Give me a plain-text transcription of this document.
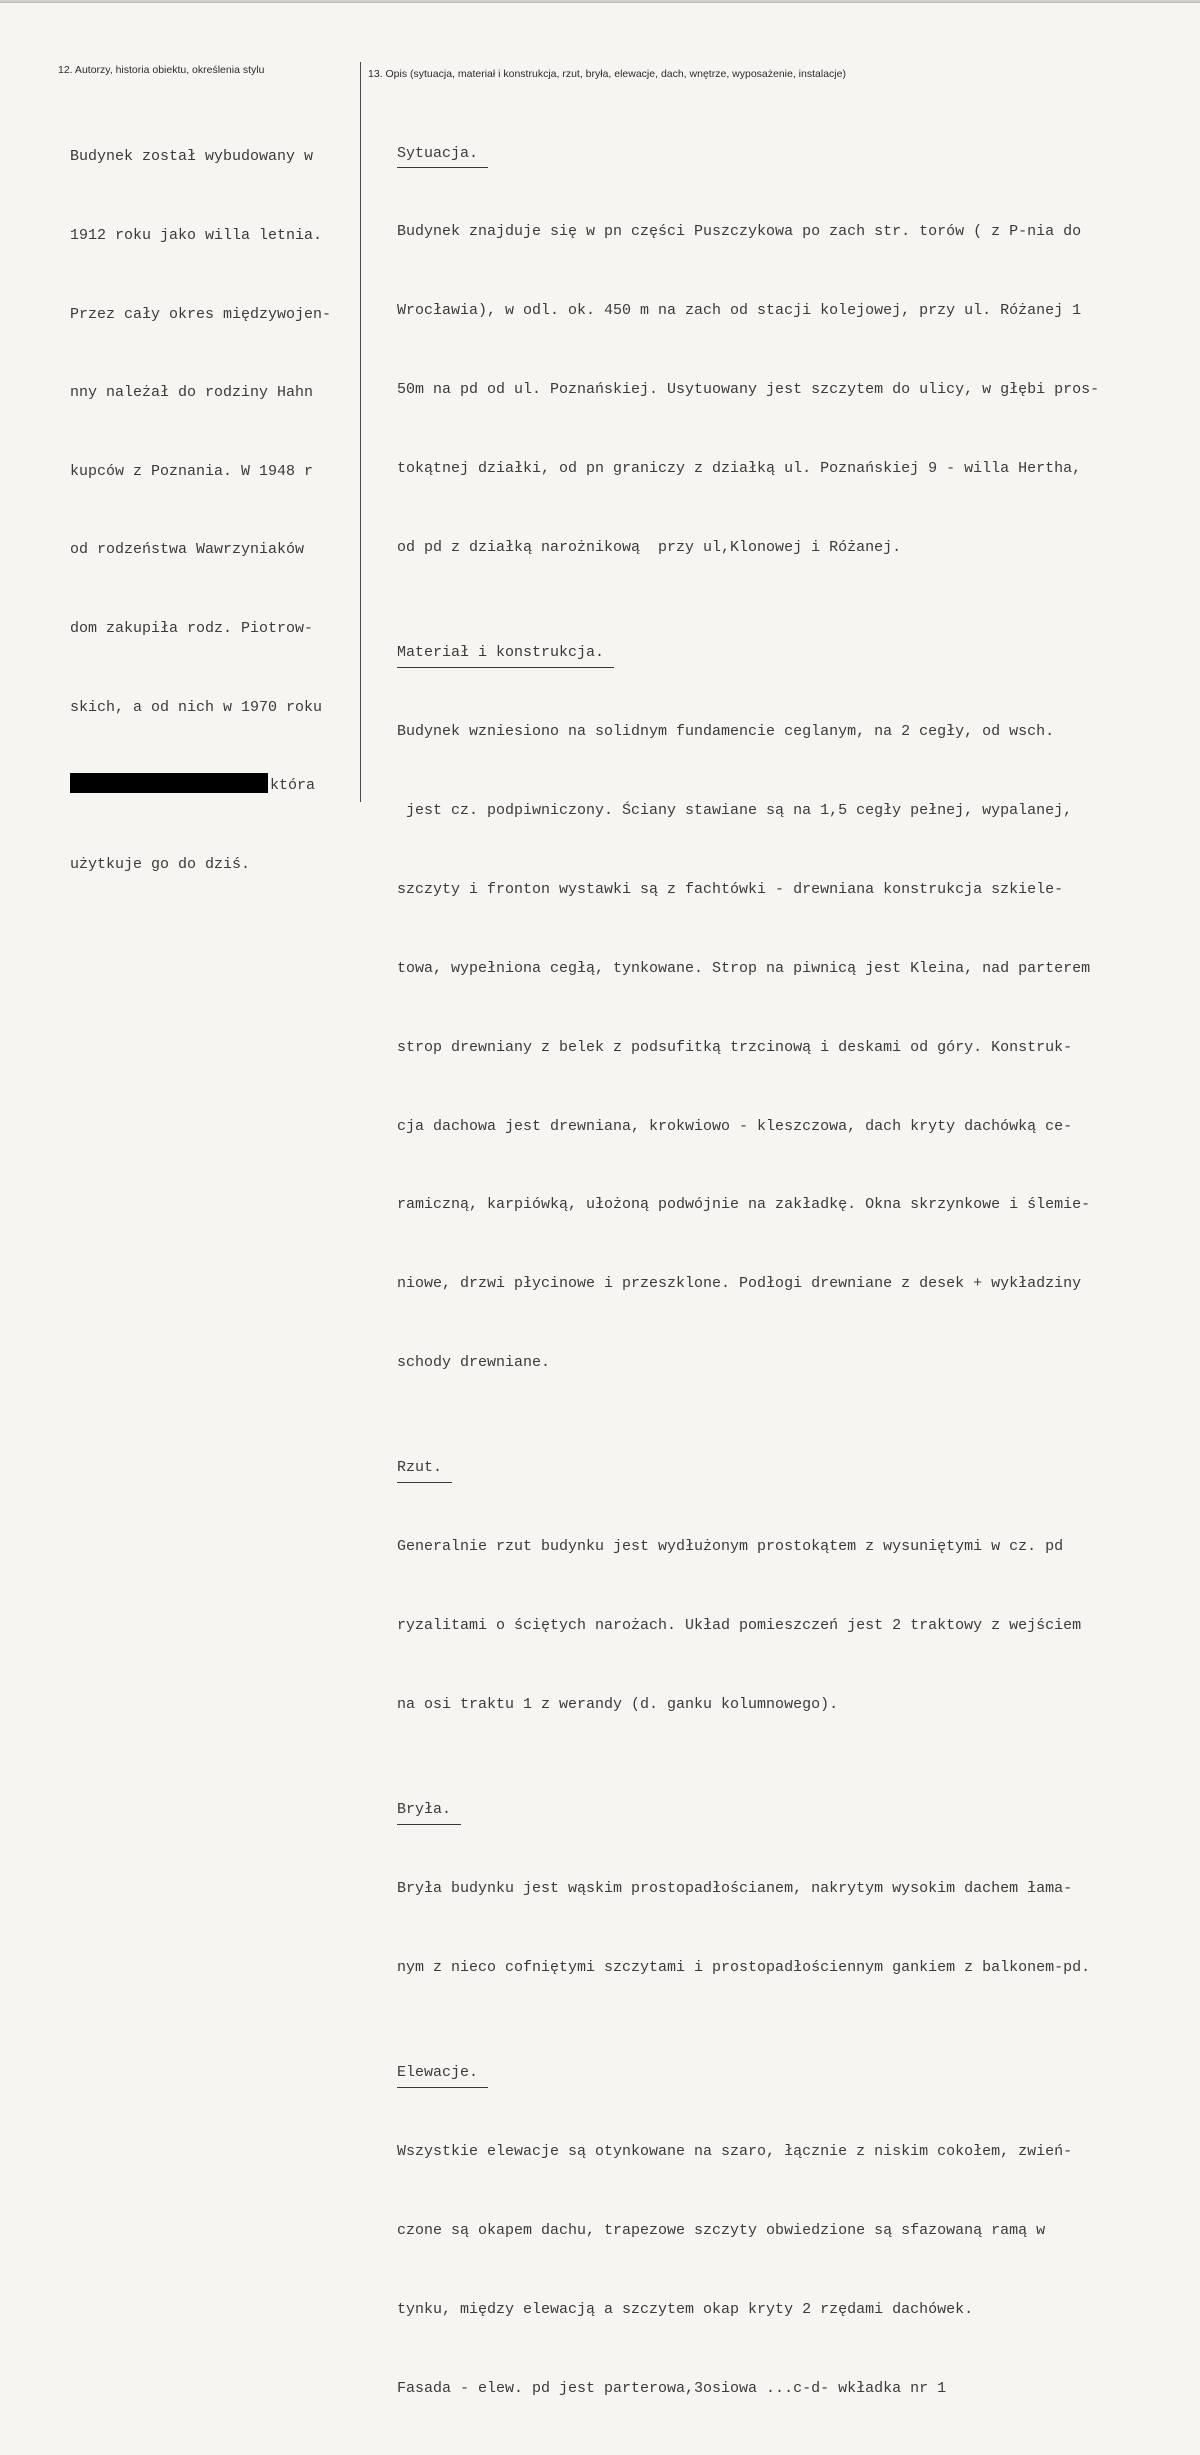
12. Autorzy, historia obiektu, określenia stylu	13. Opis (sytuacja, materiał i konstrukcja, rzut, bryła, elewacje, dach, wnętrze, wyposażenie, instalacje)

Budynek został wybudowany w

1912 roku jako willa letnia.

Przez cały okres międzywojen-

nny należał do rodziny Hahn

kupców z Poznania. W 1948 r

od rodzeństwa Wawrzyniaków

dom zakupiła rodz. Piotrow-

skich, a od nich w 1970 roku

która

użytkuje go do dziś.

Sytuacja.

Budynek znajduje się w pn części Puszczykowa po zach str. torów ( z P-nia do

Wrocławia), w odl. ok. 450 m na zach od stacji kolejowej, przy ul. Różanej 1

50m na pd od ul. Poznańskiej. Usytuowany jest szczytem do ulicy, w głębi pros-

tokątnej działki, od pn graniczy z działką ul. Poznańskiej 9 - willa Hertha,

od pd z działką narożnikową  przy ul,Klonowej i Różanej.

Materiał i konstrukcja.

Budynek wzniesiono na solidnym fundamencie ceglanym, na 2 cegły, od wsch.

jest cz. podpiwniczony. Ściany stawiane są na 1,5 cegły pełnej, wypalanej,

szczyty i fronton wystawki są z fachtówki - drewniana konstrukcja szkiele-

towa, wypełniona cegłą, tynkowane. Strop na piwnicą jest Kleina, nad parterem

strop drewniany z belek z podsufitką trzcinową i deskami od góry. Konstruk-

cja dachowa jest drewniana, krokwiowo - kleszczowa, dach kryty dachówką ce-

ramiczną, karpiówką, ułożoną podwójnie na zakładkę. Okna skrzynkowe i ślemie-

niowe, drzwi płycinowe i przeszklone. Podłogi drewniane z desek + wykładziny

schody drewniane.

Rzut.

Generalnie rzut budynku jest wydłużonym prostokątem z wysuniętymi w cz. pd

ryzalitami o ściętych narożach. Układ pomieszczeń jest 2 traktowy z wejściem

na osi traktu 1 z werandy (d. ganku kolumnowego).

Bryła.

Bryła budynku jest wąskim prostopadłościanem, nakrytym wysokim dachem łama-

nym z nieco cofniętymi szczytami i prostopadłościennym gankiem z balkonem-pd.

Elewacje.

Wszystkie elewacje są otynkowane na szaro, łącznie z niskim cokołem, zwień-

czone są okapem dachu, trapezowe szczyty obwiedzione są sfazowaną ramą w

tynku, między elewacją a szczytem okap kryty 2 rzędami dachówek.

Fasada - elew. pd jest parterowa,3osiowa ...c-d- wkładka nr 1
